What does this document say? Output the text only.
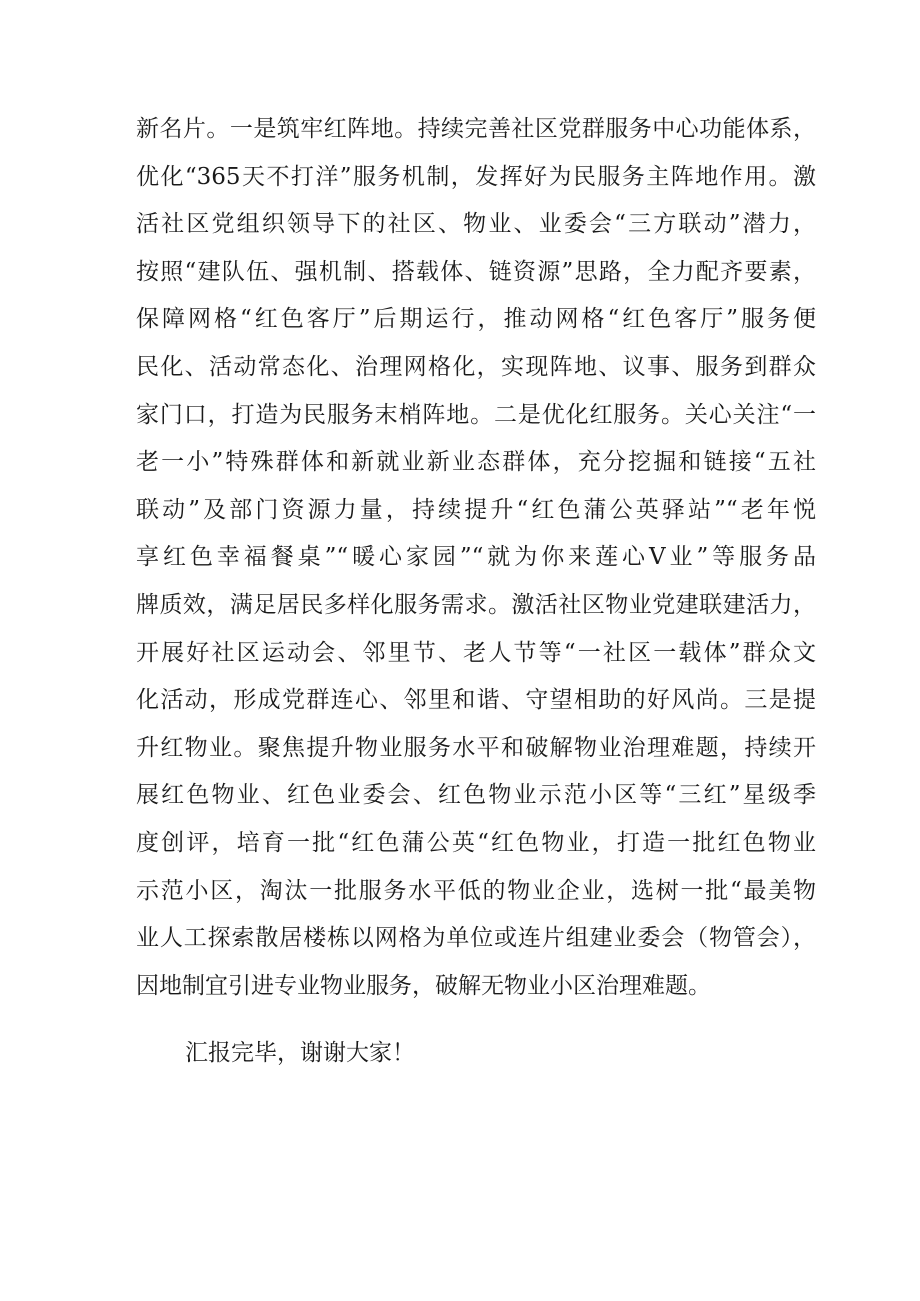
新名片。一是筑牢红阵地。持续完善社区党群服务中心功能体系，
优化“365天不打洋”服务机制，发挥好为民服务主阵地作用。激
活社区党组织领导下的社区、物业、业委会“三方联动”潜力，
按照“建队伍、强机制、搭载体、链资源”思路，全力配齐要素，
保障网格“红色客厅”后期运行，推动网格“红色客厅”服务便
民化、活动常态化、治理网格化，实现阵地、议事、服务到群众
家门口，打造为民服务末梢阵地。二是优化红服务。关心关注“一
老一小”特殊群体和新就业新业态群体，充分挖掘和链接“五社
联动”及部门资源力量，持续提升“红色蒲公英驿站”“老年悦
享红色幸福餐桌”“暖心家园”“就为你来莲心V业”等服务品
牌质效，满足居民多样化服务需求。激活社区物业党建联建活力，
开展好社区运动会、邻里节、老人节等“一社区一载体”群众文
化活动，形成党群连心、邻里和谐、守望相助的好风尚。三是提
升红物业。聚焦提升物业服务水平和破解物业治理难题，持续开
展红色物业、红色业委会、红色物业示范小区等“三红”星级季
度创评，培育一批“红色蒲公英“红色物业，打造一批红色物业
示范小区，淘汰一批服务水平低的物业企业，选树一批“最美物
业人工探索散居楼栋以网格为单位或连片组建业委会（物管会），
因地制宜引进专业物业服务，破解无物业小区治理难题。
汇报完毕，谢谢大家！
